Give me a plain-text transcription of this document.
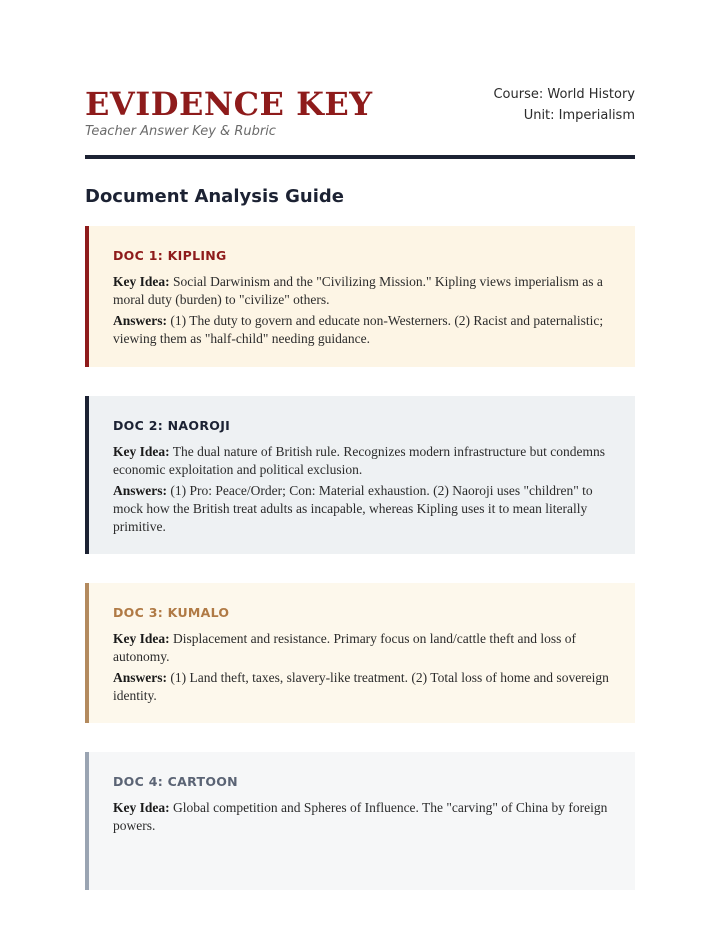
EVIDENCE KEY
Teacher Answer Key & Rubric
Course: World History
Unit: Imperialism
Document Analysis Guide
DOC 1: KIPLING

Key Idea: Social Darwinism and the "Civilizing Mission." Kipling views imperialism as a moral duty (burden) to "civilize" others.

Answers: (1) The duty to govern and educate non-Westerners. (2) Racist and paternalistic; viewing them as "half-child" needing guidance.

DOC 2: NAOROJI

Key Idea: The dual nature of British rule. Recognizes modern infrastructure but condemns economic exploitation and political exclusion.

Answers: (1) Pro: Peace/Order; Con: Material exhaustion. (2) Naoroji uses "children" to mock how the British treat adults as incapable, whereas Kipling uses it to mean literally primitive.

DOC 3: KUMALO

Key Idea: Displacement and resistance. Primary focus on land/cattle theft and loss of autonomy.

Answers: (1) Land theft, taxes, slavery-like treatment. (2) Total loss of home and sovereign identity.

DOC 4: CARTOON

Key Idea: Global competition and Spheres of Influence. The "carving" of China by foreign powers.
